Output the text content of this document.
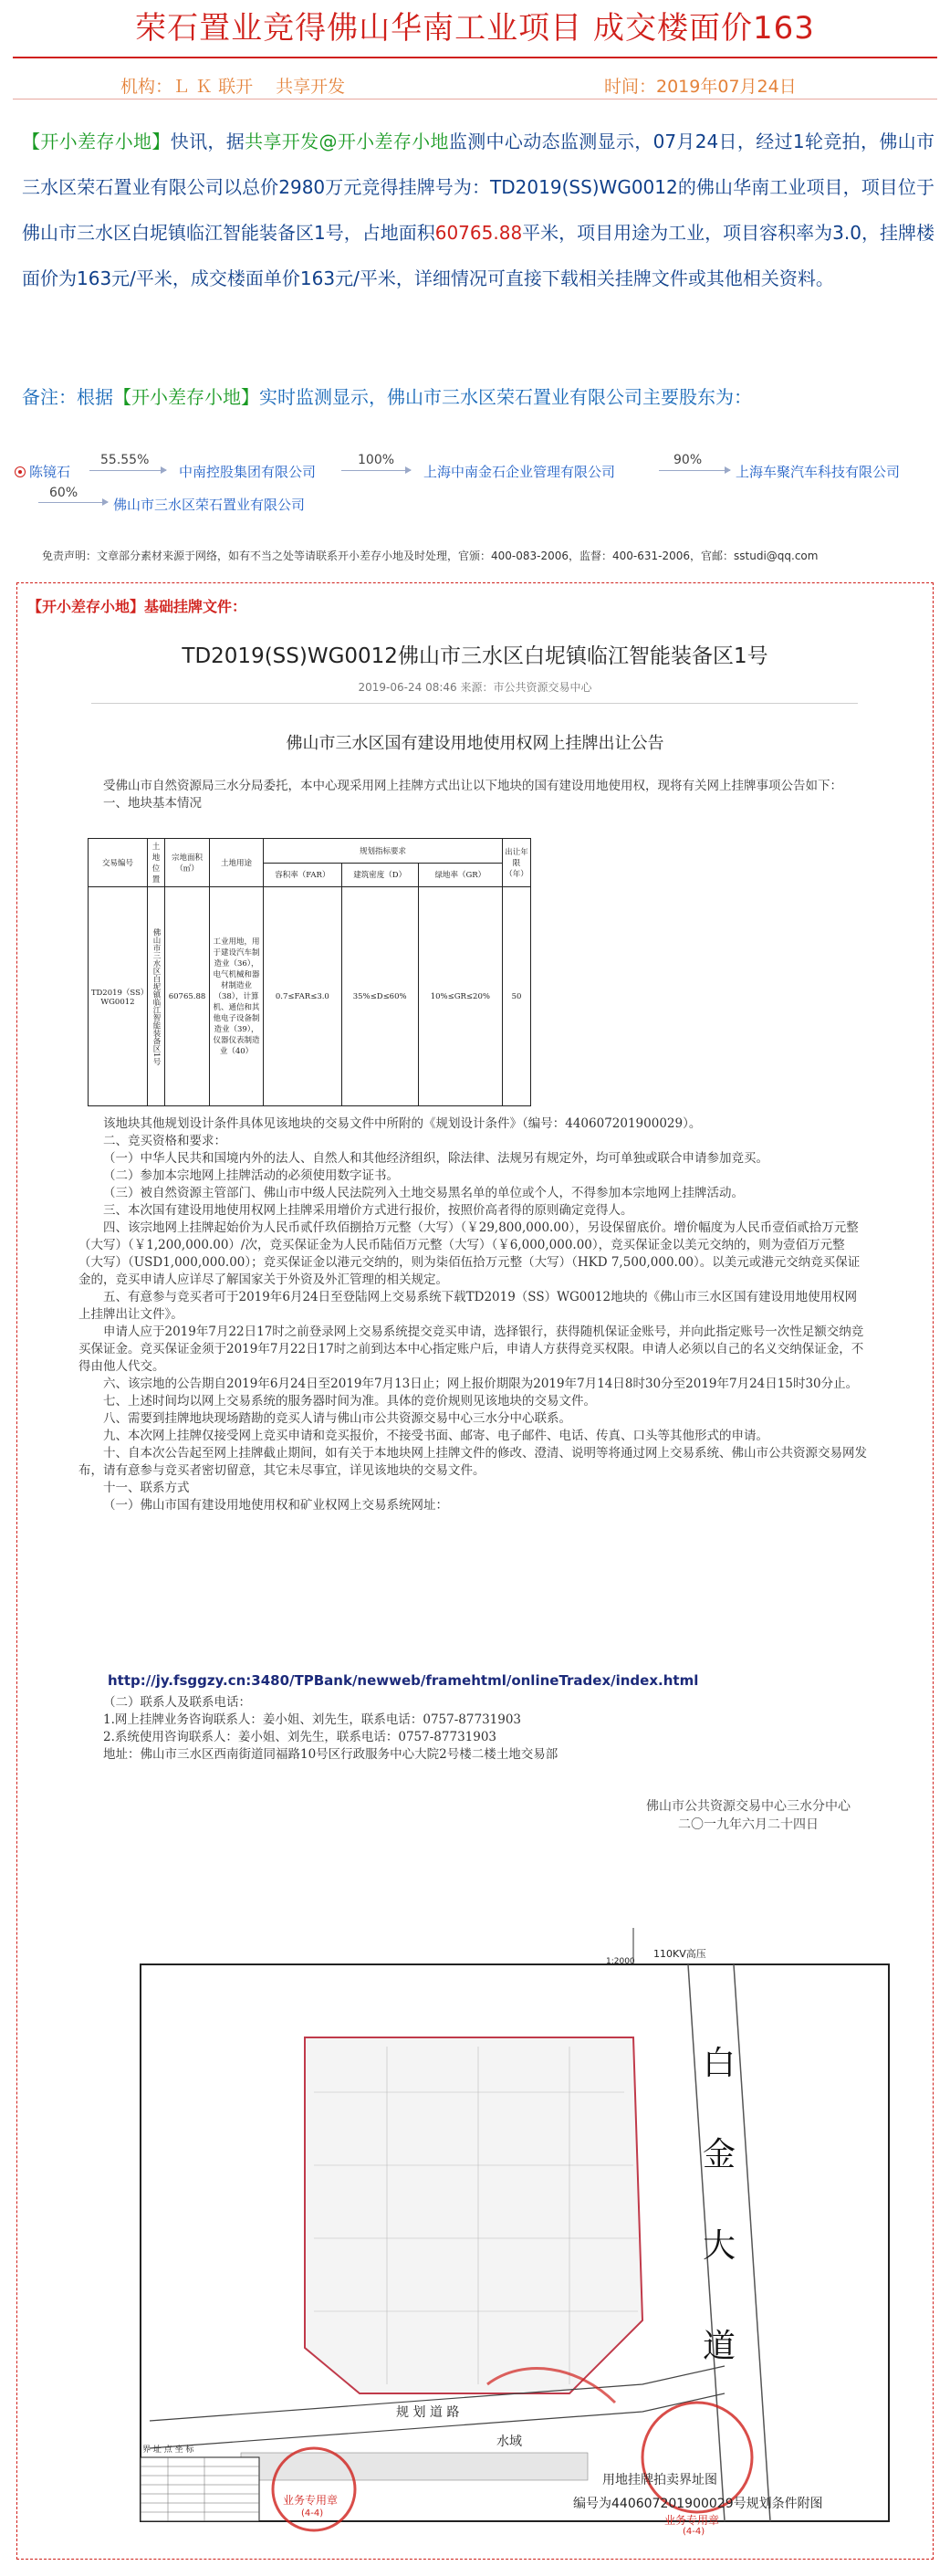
荣石置业竞得佛山华南工业项目 成交楼面价163
机构：Ｌ Ｋ 联开　 共享开发	时间：2019年07月24日
【开小差存小地】快讯，据共享开发@开小差存小地监测中心动态监测显示，07月24日，经过1轮竞拍，佛山市三水区荣石置业有限公司以总价2980万元竞得挂牌号为：TD2019(SS)WG0012的佛山华南工业项目，项目位于佛山市三水区白坭镇临江智能装备区1号，占地面积60765.88平米，项目用途为工业，项目容积率为3.0，挂牌楼面价为163元/平米，成交楼面单价163元/平米，详细情况可直接下载相关挂牌文件或其他相关资料。
备注：根据【开小差存小地】实时监测显示，佛山市三水区荣石置业有限公司主要股东为：
陈镜石
55.55%
中南控股集团有限公司
100%
上海中南金石企业管理有限公司
90%
上海车聚汽车科技有限公司
60%
佛山市三水区荣石置业有限公司
免责声明：文章部分素材来源于网络，如有不当之处等请联系开小差存小地及时处理，官颁：400-083-2006，监督：400-631-2006，官邮：sstudi@qq.com
【开小差存小地】基础挂牌文件：
TD2019(SS)WG0012佛山市三水区白坭镇临江智能装备区1号
2019-06-24 08:46 来源：市公共资源交易中心
佛山市三水区国有建设用地使用权网上挂牌出让公告
受佛山市自然资源局三水分局委托，本中心现采用网上挂牌方式出让以下地块的国有建设用地使用权，现将有关网上挂牌事项公告如下：
一、地块基本情况
交易编号	土地位置	宗地面积（㎡）	土地用途	规划指标要求			出让年限（年）
				容积率（FAR）	建筑密度（D）	绿地率（GR）	
TD2019（SS）WG0012	佛山市三水区白坭镇临江智能装备区1号	60765.88	工业用地，用于建设汽车制造业（36），电气机械和器材制造业（38），计算机、通信和其他电子设备制造业（39），仪器仪表制造业（40）	0.7≤FAR≤3.0	35%≤D≤60%	10%≤GR≤20%	50
该地块其他规划设计条件具体见该地块的交易文件中所附的《规划设计条件》（编号：440607201900029）。
二、竞买资格和要求：
（一）中华人民共和国境内外的法人、自然人和其他经济组织，除法律、法规另有规定外，均可单独或联合申请参加竞买。
（二）参加本宗地网上挂牌活动的必须使用数字证书。
（三）被自然资源主管部门、佛山市中级人民法院列入土地交易黑名单的单位或个人，不得参加本宗地网上挂牌活动。
三、本次国有建设用地使用权网上挂牌采用增价方式进行报价，按照价高者得的原则确定竞得人。
四、该宗地网上挂牌起始价为人民币贰仟玖佰捌拾万元整（大写）（￥29,800,000.00），另设保留底价。增价幅度为人民币壹佰贰拾万元整（大写）（￥1,200,000.00）/次，竞买保证金为人民币陆佰万元整（大写）（￥6,000,000.00），竞买保证金以美元交纳的，则为壹佰万元整（大写）（USD1,000,000.00）；竞买保证金以港元交纳的，则为柒佰伍拾万元整（大写）（HKD 7,500,000.00）。以美元或港元交纳竞买保证金的，竞买申请人应详尽了解国家关于外资及外汇管理的相关规定。
五、有意参与竞买者可于2019年6月24日至登陆网上交易系统下载TD2019（SS）WG0012地块的《佛山市三水区国有建设用地使用权网上挂牌出让文件》。
申请人应于2019年7月22日17时之前登录网上交易系统提交竞买申请，选择银行，获得随机保证金账号，并向此指定账号一次性足额交纳竞买保证金。竞买保证金须于2019年7月22日17时之前到达本中心指定账户后，申请人方获得竞买权限。申请人必须以自己的名义交纳保证金，不得由他人代交。
六、该宗地的公告期自2019年6月24日至2019年7月13日止；网上报价期限为2019年7月14日8时30分至2019年7月24日15时30分止。
七、上述时间均以网上交易系统的服务器时间为准。具体的竞价规则见该地块的交易文件。
八、需要到挂牌地块现场踏勘的竞买人请与佛山市公共资源交易中心三水分中心联系。
九、本次网上挂牌仅接受网上竞买申请和竞买报价，不接受书面、邮寄、电子邮件、电话、传真、口头等其他形式的申请。
十、自本次公告起至网上挂牌截止期间，如有关于本地块网上挂牌文件的修改、澄清、说明等将通过网上交易系统、佛山市公共资源交易网发布，请有意参与竞买者密切留意，其它未尽事宜，详见该地块的交易文件。
十一、联系方式
（一）佛山市国有建设用地使用权和矿业权网上交易系统网址：
http://jy.fsggzy.cn:3480/TPBank/newweb/framehtml/onlineTradex/index.html
（二）联系人及联系电话：
1.网上挂牌业务咨询联系人：姜小姐、刘先生，联系电话：0757-87731903
2.系统使用咨询联系人：姜小姐、刘先生，联系电话：0757-87731903
地址：佛山市三水区西南街道同福路10号区行政服务中心大院2号楼二楼土地交易部
佛山市公共资源交易中心三水分中心
二〇一九年六月二十四日
白
金
大
道
110KV高压
1:2000
规 划 道 路
水域
界 址 点 坐 标
用地挂牌拍卖界址图
编号为440607201900029号规划条件附图
业务专用章
(4-4)
业务专用章
(4-4)
